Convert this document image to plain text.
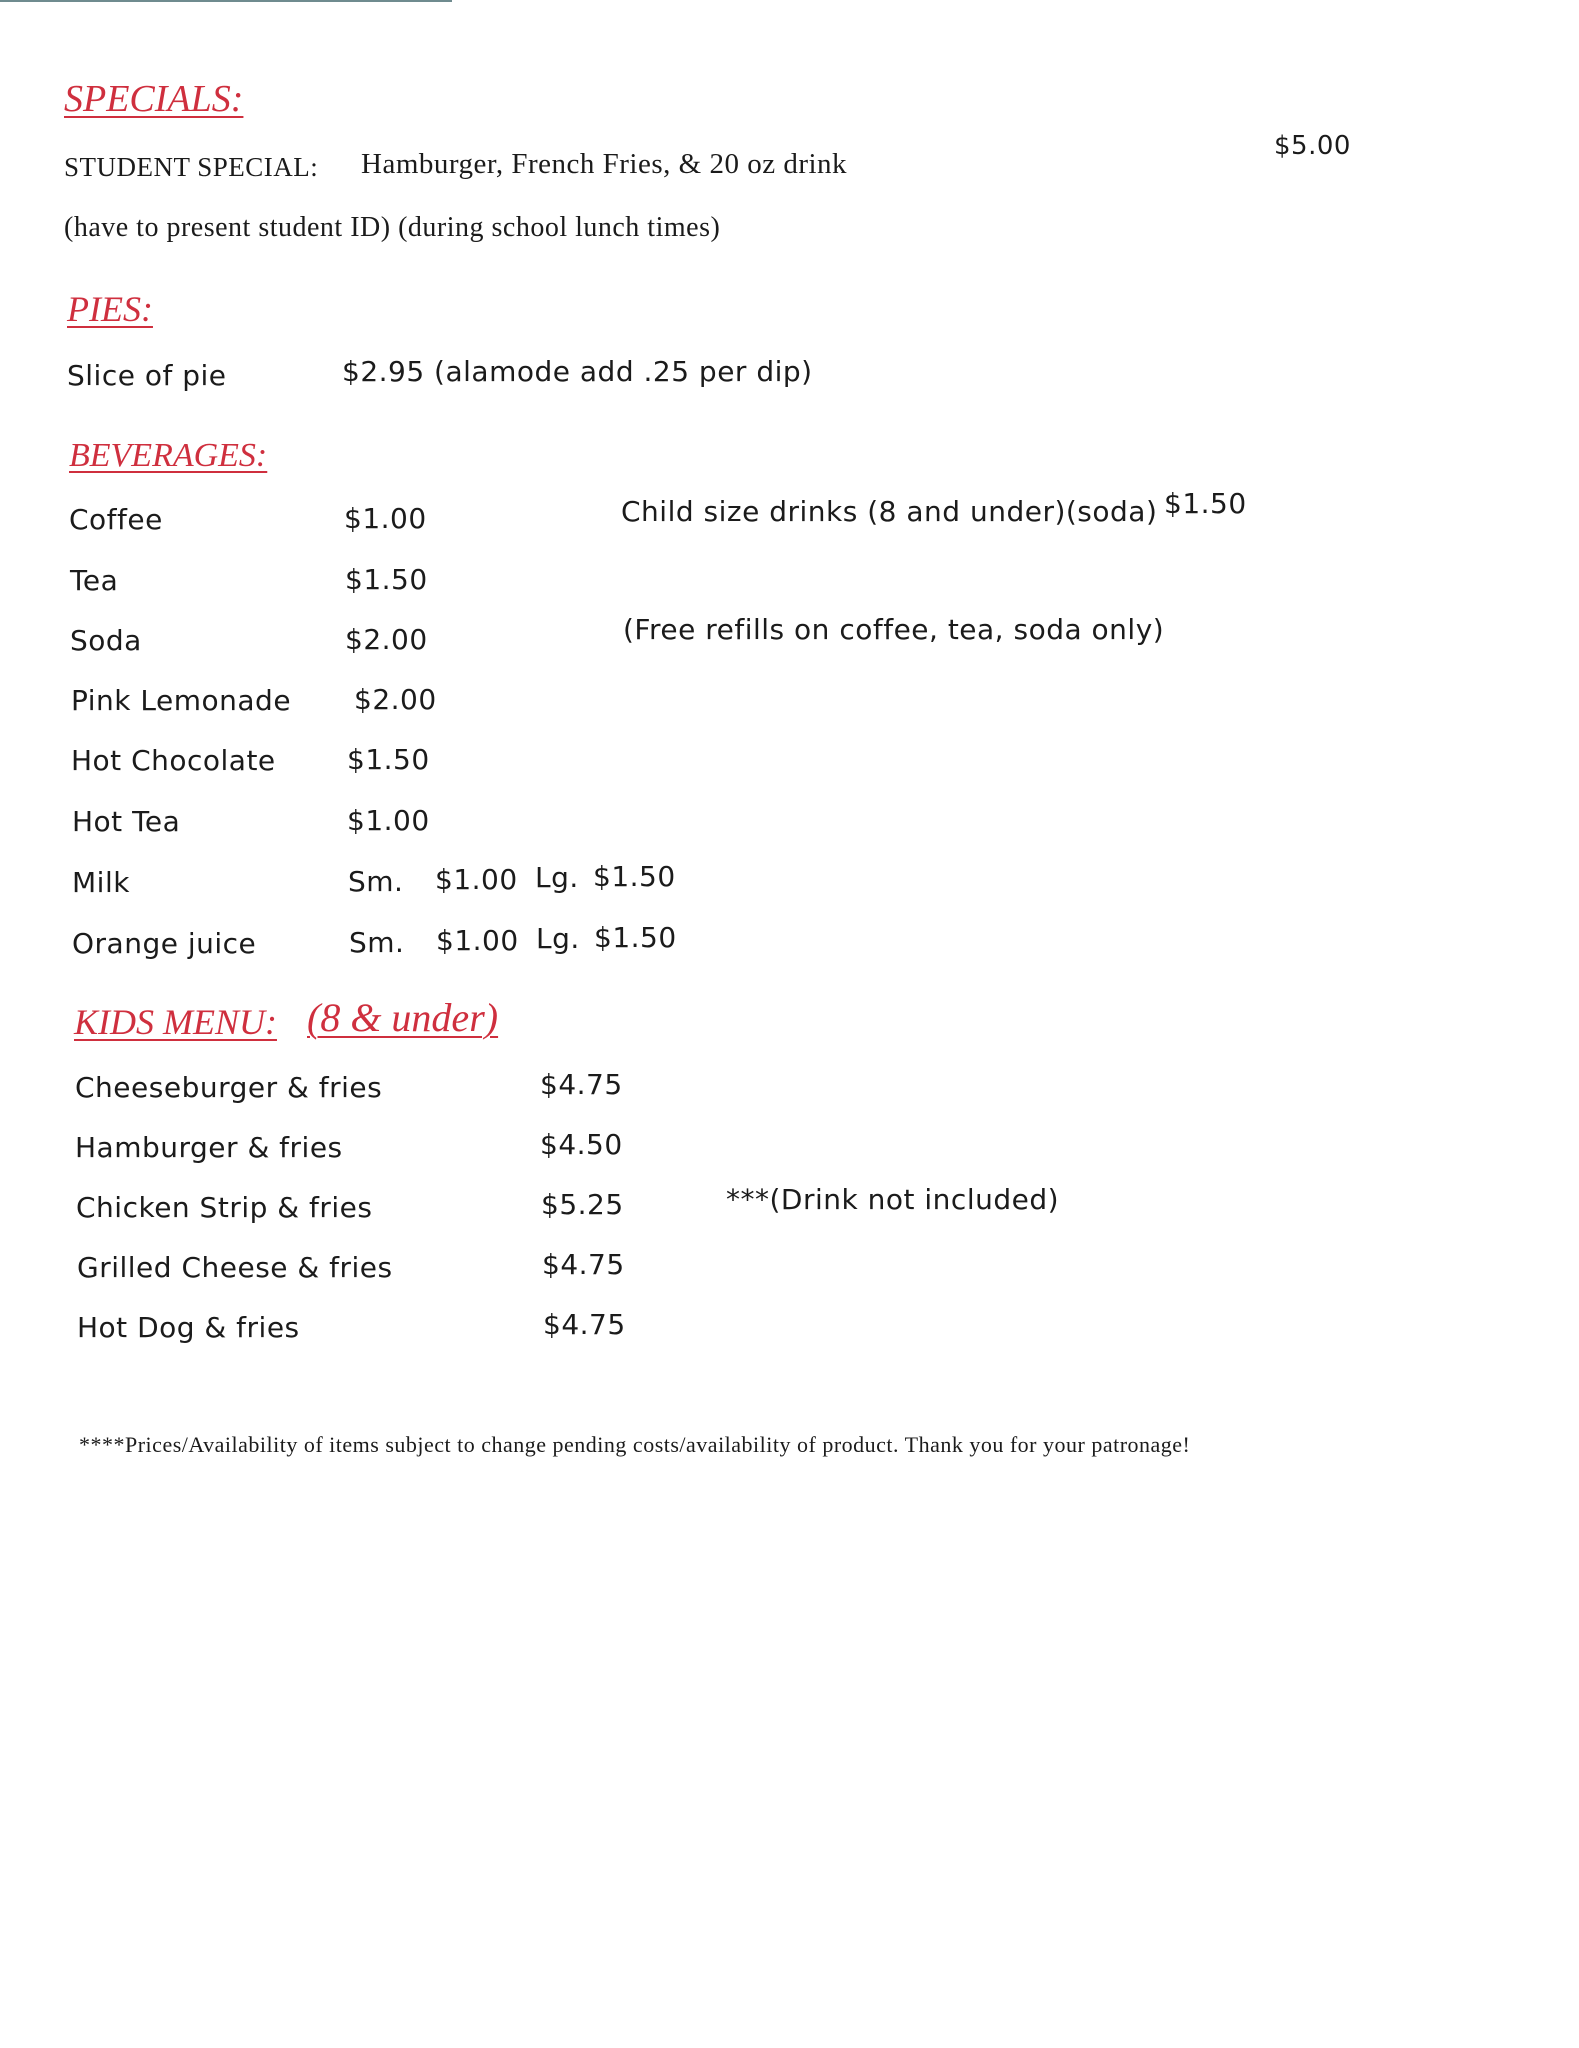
SPECIALS:
STUDENT SPECIAL: Hamburger, French Fries, & 20 oz drink
$5.00
(have to present student ID) (during school lunch times)
PIES:
Slice of pie	$2.95 (alamode add .25 per dip)
BEVERAGES:
Coffee	$1.00
Tea	$1.50
Soda	$2.00
Pink Lemonade $2.00
Hot Chocolate	$1.50
Hot Tea	$1.00
Milk	Sm. $1.00 Lg. $1.50
Orange juice	Sm. $1.00 Lg. $1.50
Child size drinks (8 and under)(soda) $1.50
(Free refills on coffee, tea, soda only)
KIDS MENU: (8 & under)
Cheeseburger & fries	$4.75
Hamburger & fries	$4.50
Chicken Strip & fries	$5.25
Grilled Cheese & fries	$4.75
Hot Dog & fries	$4.75
***(Drink not included)
****Prices/Availability of items subject to change pending costs/availability of product. Thank you for your patronage!
